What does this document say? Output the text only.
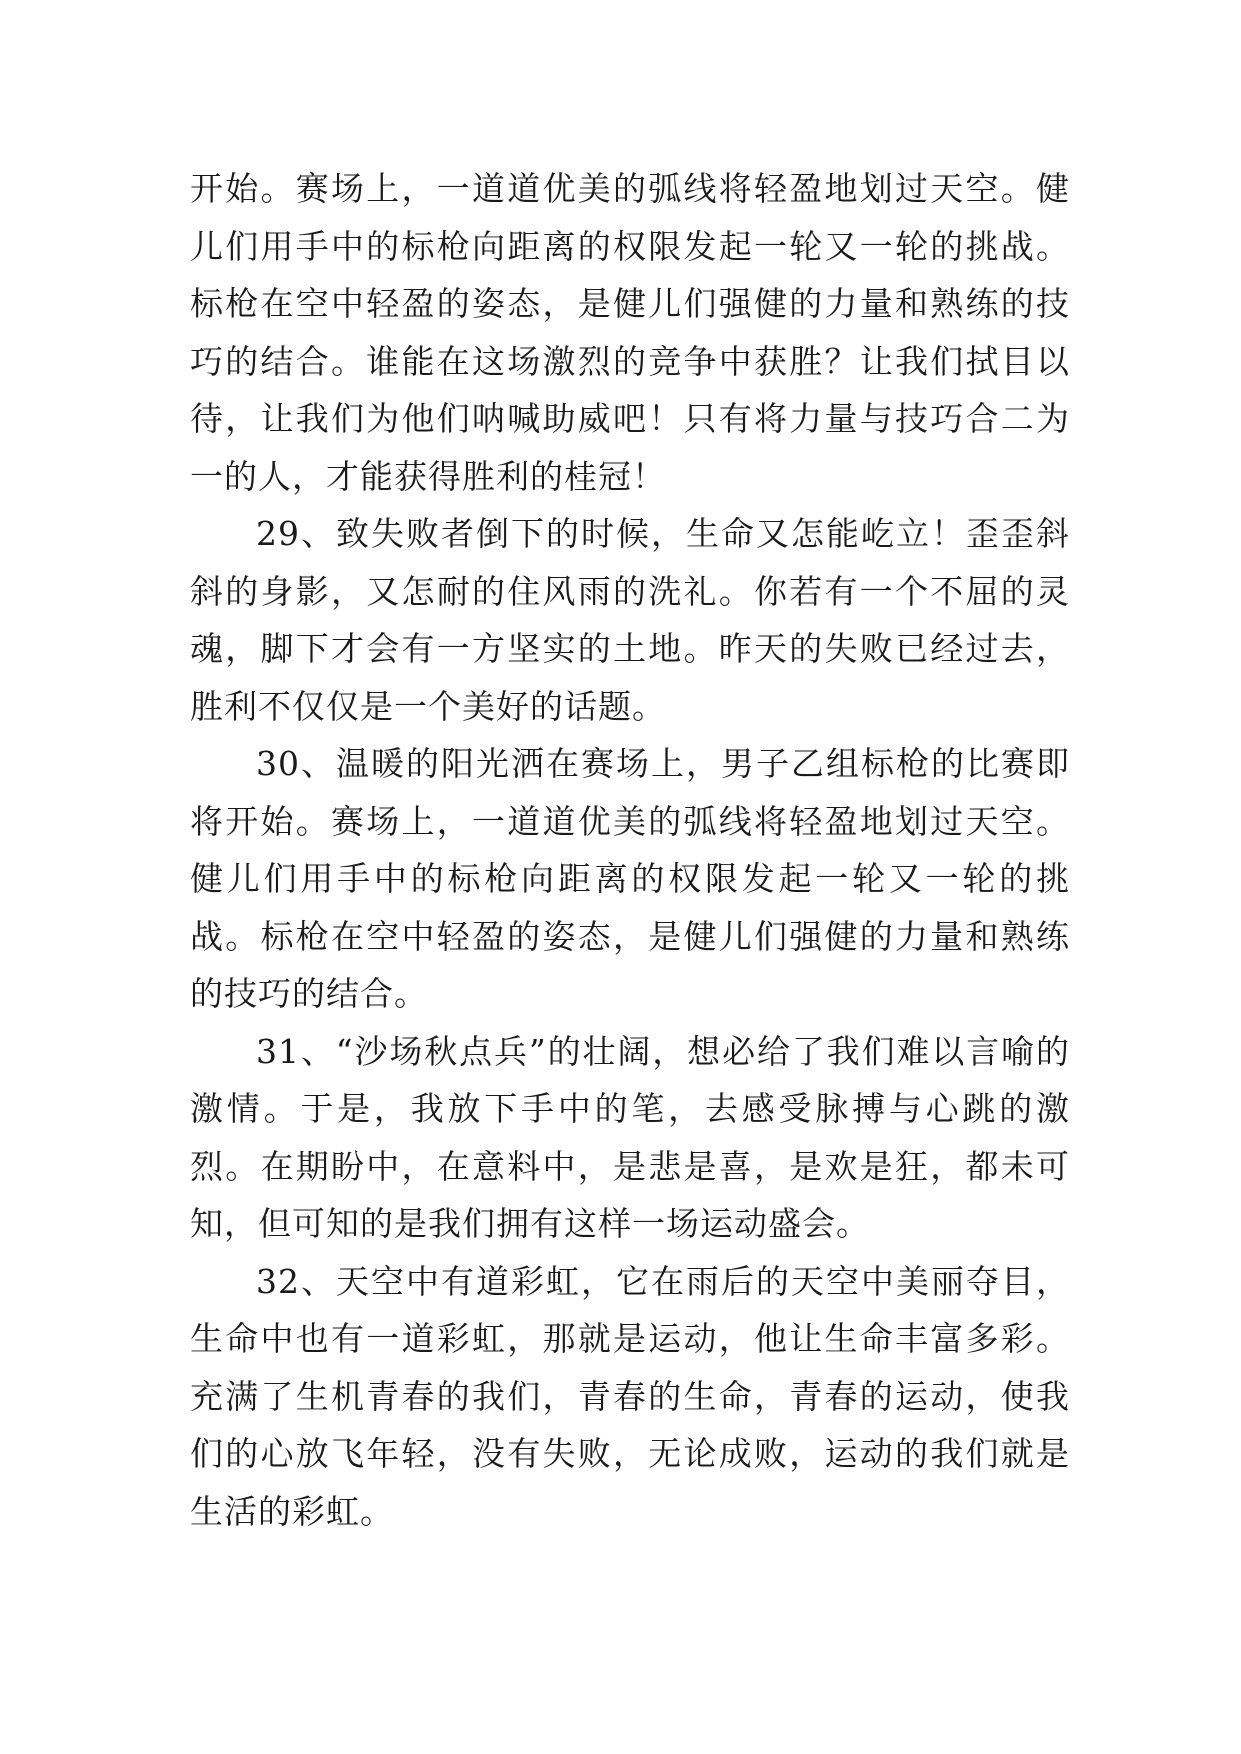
开始。赛场上，一道道优美的弧线将轻盈地划过天空。健儿们用手中的标枪向距离的权限发起一轮又一轮的挑战。标枪在空中轻盈的姿态，是健儿们强健的力量和熟练的技巧的结合。谁能在这场激烈的竞争中获胜？让我们拭目以待，让我们为他们呐喊助威吧！只有将力量与技巧合二为一的人，才能获得胜利的桂冠！

29、致失败者倒下的时候，生命又怎能屹立！歪歪斜斜的身影，又怎耐的住风雨的洗礼。你若有一个不屈的灵魂，脚下才会有一方坚实的土地。昨天的失败已经过去，胜利不仅仅是一个美好的话题。

30、温暖的阳光洒在赛场上，男子乙组标枪的比赛即将开始。赛场上，一道道优美的弧线将轻盈地划过天空。健儿们用手中的标枪向距离的权限发起一轮又一轮的挑战。标枪在空中轻盈的姿态，是健儿们强健的力量和熟练的技巧的结合。

31、“沙场秋点兵”的壮阔，想必给了我们难以言喻的激情。于是，我放下手中的笔，去感受脉搏与心跳的激烈。在期盼中，在意料中，是悲是喜，是欢是狂，都未可知，但可知的是我们拥有这样一场运动盛会。

32、天空中有道彩虹，它在雨后的天空中美丽夺目，生命中也有一道彩虹，那就是运动，他让生命丰富多彩。充满了生机青春的我们，青春的生命，青春的运动，使我们的心放飞年轻，没有失败，无论成败，运动的我们就是生活的彩虹。
